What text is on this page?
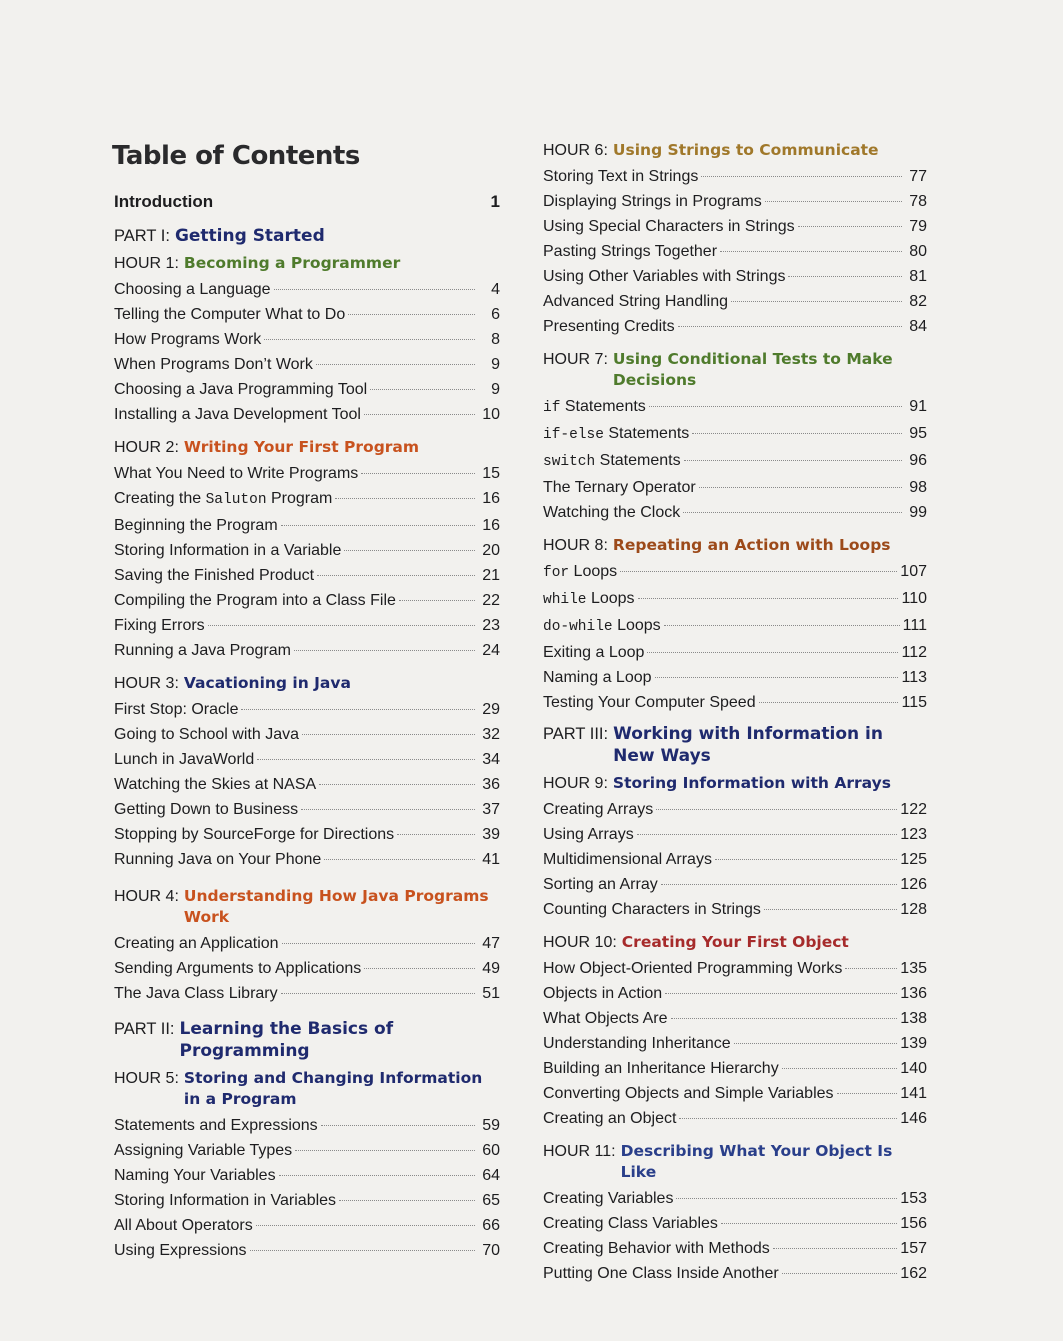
Table of Contents
Introduction	1
PART I: Getting Started
HOUR 1: Becoming a Programmer
Choosing a Language	4
Telling the Computer What to Do	6
How Programs Work	8
When Programs Don’t Work	9
Choosing a Java Programming Tool	9
Installing a Java Development Tool	10
HOUR 2: Writing Your First Program
What You Need to Write Programs	15
Creating the Saluton Program	16
Beginning the Program	16
Storing Information in a Variable	20
Saving the Finished Product	21
Compiling the Program into a Class File	22
Fixing Errors	23
Running a Java Program	24
HOUR 3: Vacationing in Java
First Stop: Oracle	29
Going to School with Java	32
Lunch in JavaWorld	34
Watching the Skies at NASA	36
Getting Down to Business	37
Stopping by SourceForge for Directions	39
Running Java on Your Phone	41
HOUR 4: Understanding How Java Programs Work
Creating an Application	47
Sending Arguments to Applications	49
The Java Class Library	51
PART II: Learning the Basics of Programming
HOUR 5: Storing and Changing Information in a Program
Statements and Expressions	59
Assigning Variable Types	60
Naming Your Variables	64
Storing Information in Variables	65
All About Operators	66
Using Expressions	70
HOUR 6: Using Strings to Communicate
Storing Text in Strings	77
Displaying Strings in Programs	78
Using Special Characters in Strings	79
Pasting Strings Together	80
Using Other Variables with Strings	81
Advanced String Handling	82
Presenting Credits	84
HOUR 7: Using Conditional Tests to Make Decisions
if Statements	91
if-else Statements	95
switch Statements	96
The Ternary Operator	98
Watching the Clock	99
HOUR 8: Repeating an Action with Loops
for Loops	107
while Loops	110
do-while Loops	111
Exiting a Loop	112
Naming a Loop	113
Testing Your Computer Speed	115
PART III: Working with Information in New Ways
HOUR 9: Storing Information with Arrays
Creating Arrays	122
Using Arrays	123
Multidimensional Arrays	125
Sorting an Array	126
Counting Characters in Strings	128
HOUR 10: Creating Your First Object
How Object-Oriented Programming Works	135
Objects in Action	136
What Objects Are	138
Understanding Inheritance	139
Building an Inheritance Hierarchy	140
Converting Objects and Simple Variables	141
Creating an Object	146
HOUR 11: Describing What Your Object Is Like
Creating Variables	153
Creating Class Variables	156
Creating Behavior with Methods	157
Putting One Class Inside Another	162
